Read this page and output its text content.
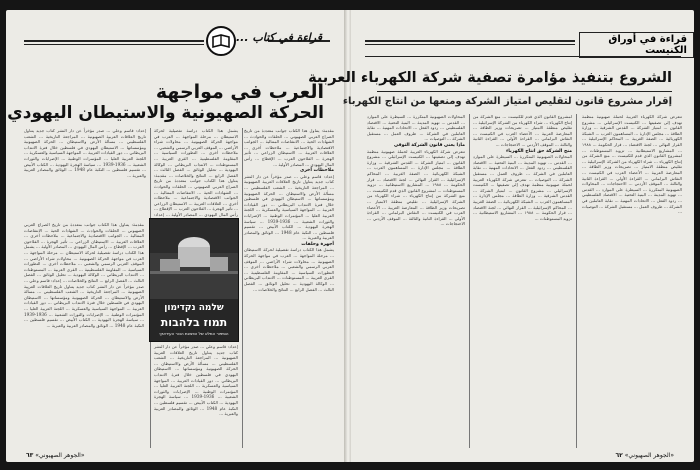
قراءة في كتاب ...
العرب في مواجهة
الحركة الصهيونية والاستيطان اليهودي
مقدمة: يتناول هذا الكتاب جوانب متعددة من تاريخ الصراع العربي الصهيوني ... الحلقات والحوادث ... الشهادات الحية ... الانتفاضات المتتالية ... الجوانب الاقتصادية والاجتماعية ... ملاحظات أخرى ... العلاقات العربية ... الاستيطان الزراعي ... تأثير الهجرة ... الفلاحون العرب ... الإقطاع ... رأس المال اليهودي ... المصادر الأولية ...
ملاحظات أخرى
إعداد: قاسم وعلي ... صدر مؤخراً عن دار النشر كتاب جديد يتناول تاريخ العلاقات العربية الصهيونية ... المراجعة التاريخية ... الشعب الفلسطيني ... مسألة الأرض والاستيطان ... الحركة الصهيونية ومؤسساتها ... الاستيطان اليهودي في فلسطين خلال فترة الانتداب البريطاني ... دور القيادات العربية ... المواجهة السياسية والعسكرية ... اللجنة العربية العليا ... المؤتمرات الوطنية ... الإضرابات والثورات الشعبية ... 1936-1939 ... سياسة الهجرة اليهودية ... الكتاب الأبيض ... تقسيم فلسطين ... النكبة عام 1948 ... الوثائق والمصادر العربية والعبرية ...
أجهزة وحلقات
يشمل هذا الكتاب دراسة تفصيلية لحركة الاستيطان ... مرحلة المواجهة ... العرب في مواجهة الحركة الصهيونية ... محاولات شراء الأراضي ... الموقف العربي الرسمي والشعبي ... ملاحظات أخرى ... التطورات السياسية ... المقاومة الفلسطينية ... القرى العربية ... المستوطنات ... الانتداب البريطاني ... الوكالة اليهودية ... تحليل الوثائق ... الفصل الثالث ... الفصل الرابع ... النتائج والخلاصات ...
يشمل هذا الكتاب دراسة تفصيلية لحركة الاستيطان ... مرحلة المواجهة ... العرب في مواجهة الحركة الصهيونية ... محاولات شراء الأراضي ... الموقف العربي الرسمي والشعبي ... ملاحظات أخرى ... التطورات السياسية ... المقاومة الفلسطينية ... القرى العربية ... المستوطنات ... الانتداب البريطاني ... الوكالة اليهودية ... تحليل الوثائق ... الفصل الثالث ... الفصل الرابع ... النتائج والخلاصات ... مقدمة: يتناول هذا الكتاب جوانب متعددة من تاريخ الصراع العربي الصهيوني ... الحلقات والحوادث ... الشهادات الحية ... الانتفاضات المتتالية ... الجوانب الاقتصادية والاجتماعية ... ملاحظات أخرى ... العلاقات العربية ... الاستيطان الزراعي ... تأثير الهجرة ... الفلاحون العرب ... الإقطاع ... رأس المال اليهودي ... المصادر الأولية ... إعداد:
إعداد: قاسم وعلي ... صدر مؤخراً عن دار النشر كتاب جديد يتناول تاريخ العلاقات العربية الصهيونية ... المراجعة التاريخية ... الشعب الفلسطيني ... مسألة الأرض والاستيطان ... الحركة الصهيونية ومؤسساتها ... الاستيطان اليهودي في فلسطين خلال فترة الانتداب البريطاني ... دور القيادات العربية ... المواجهة السياسية والعسكرية ... اللجنة العربية العليا ... المؤتمرات الوطنية ... الإضرابات والثورات الشعبية ... 1936-1939 ... سياسة الهجرة اليهودية ... الكتاب الأبيض ... تقسيم فلسطين ... النكبة عام 1948 ... الوثائق والمصادر العربية والعبرية ...
שלמה נקדימון
תמוז בלהבות
הסיפור המלא של הפצצת הכור העיראקי
مقدمة: يتناول هذا الكتاب جوانب متعددة من تاريخ الصراع العربي الصهيوني ... الحلقات والحوادث ... الشهادات الحية ... الانتفاضات المتتالية ... الجوانب الاقتصادية والاجتماعية ... ملاحظات أخرى ... العلاقات العربية ... الاستيطان الزراعي ... تأثير الهجرة ... الفلاحون العرب ... الإقطاع ... رأس المال اليهودي ... المصادر الأولية ... يشمل هذا الكتاب دراسة تفصيلية لحركة الاستيطان ... مرحلة المواجهة ... العرب في مواجهة الحركة الصهيونية ... محاولات شراء الأراضي ... الموقف العربي الرسمي والشعبي ... ملاحظات أخرى ... التطورات السياسية ... المقاومة الفلسطينية ... القرى العربية ... المستوطنات ... الانتداب البريطاني ... الوكالة اليهودية ... تحليل الوثائق ... الفصل الثالث ... الفصل الرابع ... النتائج والخلاصات ... إعداد: قاسم وعلي ... صدر مؤخراً عن دار النشر كتاب جديد يتناول تاريخ العلاقات العربية الصهيونية ... المراجعة التاريخية ... الشعب الفلسطيني ... مسألة الأرض والاستيطان ... الحركة الصهيونية ومؤسساتها ... الاستيطان اليهودي في فلسطين خلال فترة الانتداب البريطاني ... دور القيادات العربية ... المواجهة السياسية والعسكرية ... اللجنة العربية العليا ... المؤتمرات الوطنية ... الإضرابات والثورات الشعبية ... 1936-1939 ... سياسة الهجرة اليهودية ... الكتاب الأبيض ... تقسيم فلسطين ... النكبة عام 1948 ... الوثائق والمصادر العربية والعبرية ...
إعداد: قاسم وعلي ... صدر مؤخراً عن دار النشر كتاب جديد يتناول تاريخ العلاقات العربية الصهيونية ... المراجعة التاريخية ... الشعب الفلسطيني ... مسألة الأرض والاستيطان ... الحركة الصهيونية ومؤسساتها ... الاستيطان اليهودي في فلسطين خلال فترة الانتداب البريطاني ... دور القيادات العربية ... المواجهة السياسية والعسكرية ... اللجنة العربية العليا ... المؤتمرات الوطنية ... الإضرابات والثورات الشعبية ... 1936-1939 ... سياسة الهجرة اليهودية ... الكتاب الأبيض ... تقسيم فلسطين ... النكبة عام 1948 ... الوثائق والمصادر العربية والعبرية ...
«الجوهر الصهيوني» ٦٣
قراءة في أوراق الكنيست
الشروع بتنفيذ مؤامرة تصفية شركة الكهرباء العربية
إقرار مشروع قانون لتقليص امتياز الشركة ومنعها من انتاج الكهرباء
تتعرض شركة الكهرباء العربية لحملة صهيونية منظمة تهدف إلى تصفيتها ... الكنيست الإسرائيلي ... مشروع القانون ... امتياز الشركة ... القدس الشرقية ... وزارة الطاقة ... مجلس الإدارة ... المساهمون العرب ... الشبكة الكهربائية ... الضفة الغربية ... المحاكم الإسرائيلية ... القرار النهائي ... لجنة الاقتصاد ... قرار الحكومة ... ١٩٨٨ ... المشاريع الاستيطانية ... تزويد المستوطنات ... لمشروع القانون الذي قدم للكنيست ... منع الشركة من إنتاج الكهرباء ... شراء الكهرباء من الشركة الإسرائيلية ... تقليص منطقة الامتياز ... تصريحات وزير الطاقة ... المعارضة العربية ... الأعضاء العرب في الكنيست ... النقاش البرلماني ... القراءة الأولى ... القراءة الثانية والثالثة ... الموقف الأردني ... الاحتجاجات ... المحاولات الصهيونية المتكررة ... السيطرة على الموارد ... القدس ... تهويد المدينة ... البنية التحتية ... الاقتصاد الفلسطيني ... ردود الفعل ... الاتحادات المهنية ... نقابة العاملين في الشركة ... ظروف العمل ... مستقبل الشركة ... التوصيات ...
لمشروع القانون الذي قدم للكنيست ... منع الشركة من إنتاج الكهرباء ... شراء الكهرباء من الشركة الإسرائيلية ... تقليص منطقة الامتياز ... تصريحات وزير الطاقة ... المعارضة العربية ... الأعضاء العرب في الكنيست ... النقاش البرلماني ... القراءة الأولى ... القراءة الثانية والثالثة ... الموقف الأردني ... الاحتجاجات ...
منح الشركة حق انتاج الكهرباء
المحاولات الصهيونية المتكررة ... السيطرة على الموارد ... القدس ... تهويد المدينة ... البنية التحتية ... الاقتصاد الفلسطيني ... ردود الفعل ... الاتحادات المهنية ... نقابة العاملين في الشركة ... ظروف العمل ... مستقبل الشركة ... التوصيات ... تتعرض شركة الكهرباء العربية لحملة صهيونية منظمة تهدف إلى تصفيتها ... الكنيست الإسرائيلي ... مشروع القانون ... امتياز الشركة ... القدس الشرقية ... وزارة الطاقة ... مجلس الإدارة ... المساهمون العرب ... الشبكة الكهربائية ... الضفة الغربية ... المحاكم الإسرائيلية ... القرار النهائي ... لجنة الاقتصاد ... قرار الحكومة ... ١٩٨٨ ... المشاريع الاستيطانية ... تزويد المستوطنات ...
المحاولات الصهيونية المتكررة ... السيطرة على الموارد ... القدس ... تهويد المدينة ... البنية التحتية ... الاقتصاد الفلسطيني ... ردود الفعل ... الاتحادات المهنية ... نقابة العاملين في الشركة ... ظروف العمل ... مستقبل الشركة ... التوصيات ...
ماذا يعني قانون الشركة التوفي
تتعرض شركة الكهرباء العربية لحملة صهيونية منظمة تهدف إلى تصفيتها ... الكنيست الإسرائيلي ... مشروع القانون ... امتياز الشركة ... القدس الشرقية ... وزارة الطاقة ... مجلس الإدارة ... المساهمون العرب ... الشبكة الكهربائية ... الضفة الغربية ... المحاكم الإسرائيلية ... القرار النهائي ... لجنة الاقتصاد ... قرار الحكومة ... ١٩٨٨ ... المشاريع الاستيطانية ... تزويد المستوطنات ... لمشروع القانون الذي قدم للكنيست ... منع الشركة من إنتاج الكهرباء ... شراء الكهرباء من الشركة الإسرائيلية ... تقليص منطقة الامتياز ... تصريحات وزير الطاقة ... المعارضة العربية ... الأعضاء العرب في الكنيست ... النقاش البرلماني ... القراءة الأولى ... القراءة الثانية والثالثة ... الموقف الأردني ... الاحتجاجات ...
«الجوهر الصهيوني» ٦٢
